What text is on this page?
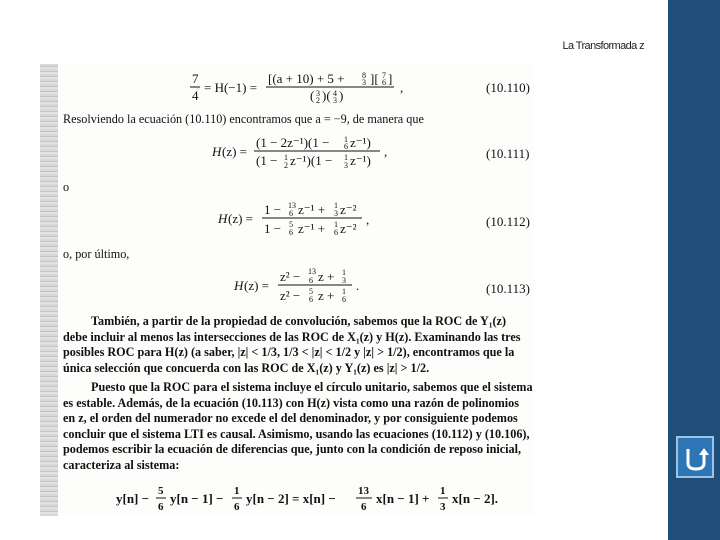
La Transformada z
7
4
= H(−1) =
[(a + 10) + 5 + 8
3 ][ 7
6 ]
( 3
2 )( 4
3 )
,	(10.110)
Resolviendo la ecuación (10.110) encontramos que a = −9, de manera que
H (z) =
(1 − 2z⁻¹)(1 − 1
6 z⁻¹)
(1 − 1
2 z⁻¹)(1 − 1
3 z⁻¹)
,	(10.111)
o
H (z) =
1 − 13
6 z⁻¹ + 1
3 z⁻²
1 − 5
6 z⁻¹ + 1
6 z⁻²
,	(10.112)
o, por último,
H (z) =
z² − 13
6 z + 1
3
z² − 5
6 z + 1
6
.	(10.113)
También, a partir de la propiedad de convolución, sabemos que la ROC de Y₁(z) debe incluir al menos las intersecciones de las ROC de X₁(z) y H(z). Examinando las tres posibles ROC para H(z) (a saber, |z| < 1/3, 1/3 < |z| < 1/2 y |z| > 1/2), encontramos que la única selección que concuerda con las ROC de X₁(z) y Y₁(z) es |z| > 1/2.
Puesto que la ROC para el sistema incluye el círculo unitario, sabemos que el sistema es estable. Además, de la ecuación (10.113) con H(z) vista como una razón de polinomios en z, el orden del numerador no excede el del denominador, y por consiguiente podemos concluir que el sistema LTI es causal. Asimismo, usando las ecuaciones (10.112) y (10.106), podemos escribir la ecuación de diferencias que, junto con la condición de reposo inicial, caracteriza al sistema:
y[n] − 5
6
y[n − 1] − 1
6
y[n − 2] = x[n] − 13
6
x[n − 1] + 1
3
x[n − 2].
